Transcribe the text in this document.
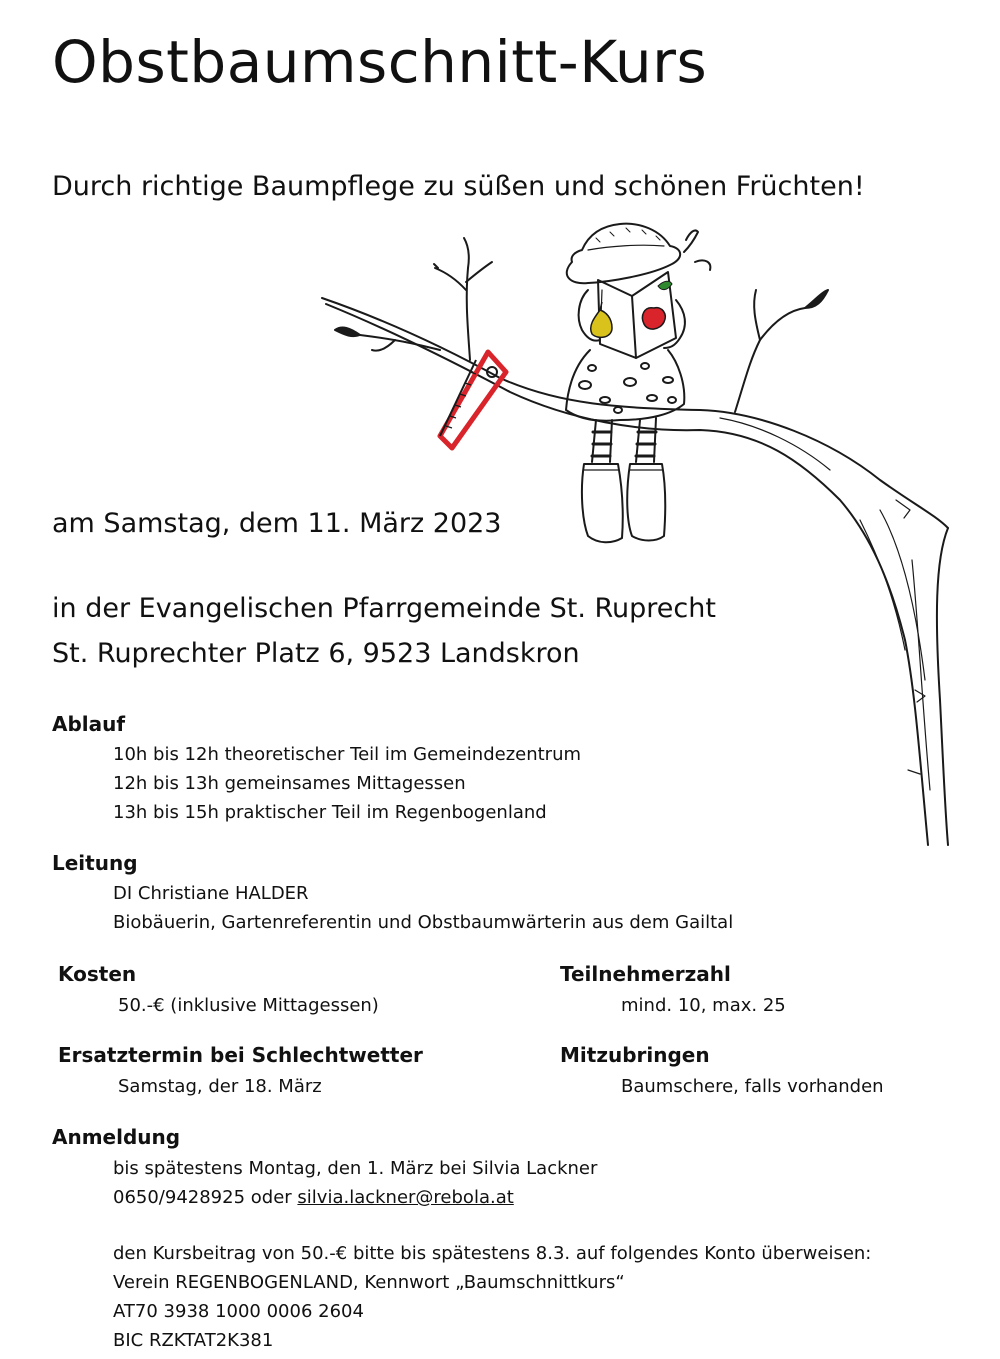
Obstbaumschnitt-Kurs

Durch richtige Baumpflege zu süßen und schönen Früchten!

am Samstag, dem 11. März 2023

in der Evangelischen Pfarrgemeinde St. Ruprecht

St. Ruprechter Platz 6, 9523 Landskron

Ablauf
10h bis 12h theoretischer Teil im Gemeindezentrum
12h bis 13h gemeinsames Mittagessen
13h bis 15h praktischer Teil im Regenbogenland
Leitung
DI Christiane HALDER
Biobäuerin, Gartenreferentin und Obstbaumwärterin aus dem Gailtal
Kosten
50.-€ (inklusive Mittagessen)
Teilnehmerzahl
mind. 10, max. 25
Ersatztermin bei Schlechtwetter
Samstag, der 18. März
Mitzubringen
Baumschere, falls vorhanden
Anmeldung
bis spätestens Montag, den 1. März bei Silvia Lackner
0650/9428925 oder silvia.lackner@rebola.at
den Kursbeitrag von 50.-€ bitte bis spätestens 8.3. auf folgendes Konto überweisen:
Verein REGENBOGENLAND, Kennwort „Baumschnittkurs“
AT70 3938 1000 0006 2604
BIC RZKTAT2K381
